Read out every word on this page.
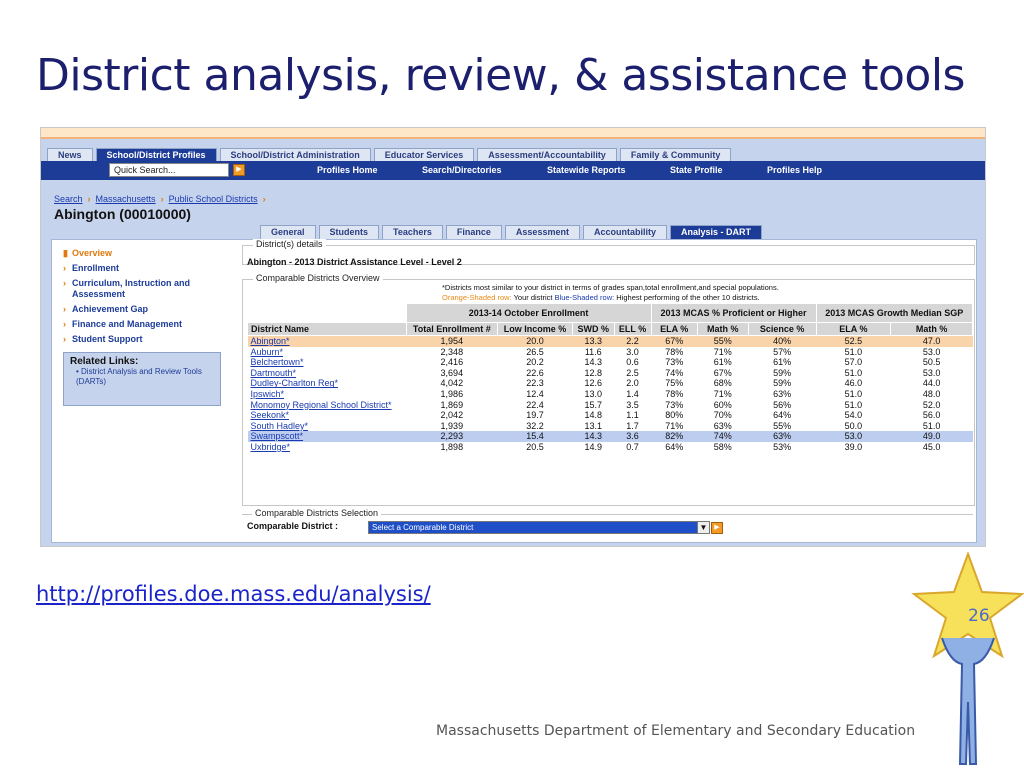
District analysis, review, & assistance tools
News	School/District Profiles	School/District Administration	Educator Services	Assessment/Accountability	Family & Community
Quick Search...	▶	Profiles Home	Search/Directories	Statewide Reports	State Profile	Profiles Help
Search › Massachusetts › Public School Districts ›
Abington (00010000)
General	Students	Teachers	Finance	Assessment	Accountability	Analysis - DART
▮ Overview
› Enrollment
› Curriculum, Instruction and Assessment
› Achievement Gap
› Finance and Management
› Student Support
Related Links:
• District Analysis and Review Tools (DARTs)
District(s) details
Abington - 2013 District Assistance Level - Level 2
Comparable Districts Overview
*Districts most similar to your district in terms of grades span,total enrollment,and special populations.
Orange-Shaded row: Your district Blue-Shaded row: Highest performing of the other 10 districts.
	2013-14 October Enrollment				2013 MCAS % Proficient or Higher			2013 MCAS Growth Median SGP	
District Name	Total Enrollment #	Low Income %	SWD %	ELL %	ELA %	Math %	Science %	ELA %	Math %
Abington*	1,954	20.0	13.3	2.2	67%	55%	40%	52.5	47.0
Auburn*	2,348	26.5	11.6	3.0	78%	71%	57%	51.0	53.0
Belchertown*	2,416	20.2	14.3	0.6	73%	61%	61%	57.0	50.5
Dartmouth*	3,694	22.6	12.8	2.5	74%	67%	59%	51.0	53.0
Dudley-Charlton Reg*	4,042	22.3	12.6	2.0	75%	68%	59%	46.0	44.0
Ipswich*	1,986	12.4	13.0	1.4	78%	71%	63%	51.0	48.0
Monomoy Regional School District*	1,869	22.4	15.7	3.5	73%	60%	56%	51.0	52.0
Seekonk*	2,042	19.7	14.8	1.1	80%	70%	64%	54.0	56.0
South Hadley*	1,939	32.2	13.1	1.7	71%	63%	55%	50.0	51.0
Swampscott*	2,293	15.4	14.3	3.6	82%	74%	63%	53.0	49.0
Uxbridge*	1,898	20.5	14.9	0.7	64%	58%	53%	39.0	45.0
Comparable Districts Selection
Comparable District :	Select a Comparable District	▼ ▶
http://profiles.doe.mass.edu/analysis/
Massachusetts Department of Elementary and Secondary Education
26
